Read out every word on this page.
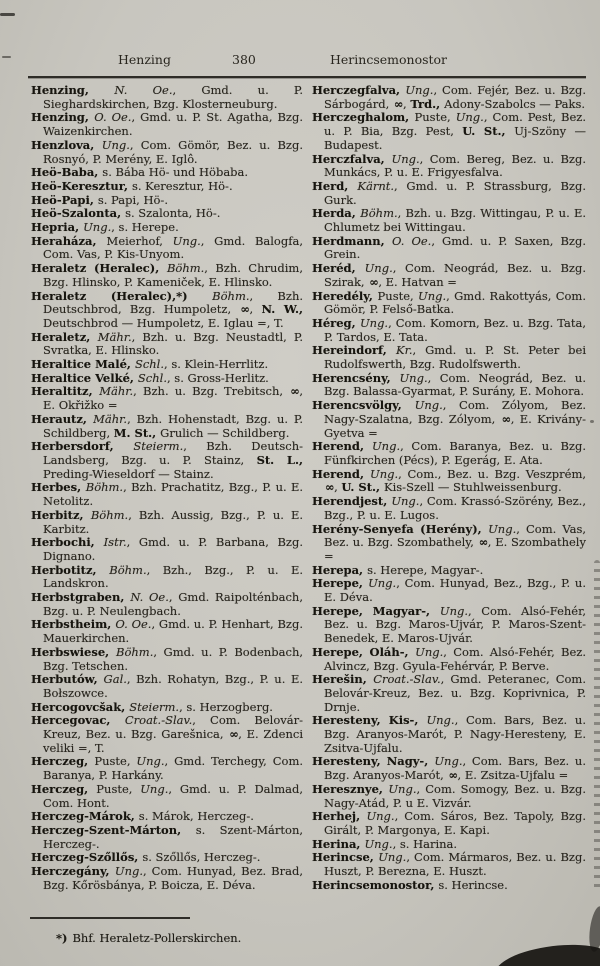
Henzing	380	Herincsemonostor

Henzing, N. Oe., Gmd. u. P. Sieghardskirchen, Bzg. Klosterneuburg.

Henzing, O. Oe., Gmd. u. P. St. Agatha, Bzg. Waizenkirchen.

Henzlova, Ung., Com. Gömör, Bez. u. Bzg. Rosnyó, P. Merény, E. Iglô.

Heö-Baba, s. Bába Hö- und Höbaba.

Heö-Keresztur, s. Keresztur, Hö-.

Heö-Papi, s. Papi, Hö-.

Heö-Szalonta, s. Szalonta, Hö-.

Hepria, Ung., s. Herepe.

Heraháza, Meierhof, Ung., Gmd. Balogfa, Com. Vas, P. Kis-Unyom.

Heraletz (Heralec), Böhm., Bzh. Chrudim, Bzg. Hlinsko, P. Kameniček, E. Hlinsko.

Heraletz (Heralec),*) Böhm., Bzh. Deutschbrod, Bzg. Humpoletz, ∞, N. W., Deutschbrod — Humpoletz, E. Iglau =, T.

Heraletz, Mähr., Bzh. u. Bzg. Neustadtl, P. Svratka, E. Hlinsko.

Heraltice Malé, Schl., s. Klein-Herrlitz.

Heraltice Velké, Schl., s. Gross-Herlitz.

Heraltitz, Mähr., Bzh. u. Bzg. Trebitsch, ∞, E. Okřižko =

Herautz, Mähr., Bzh. Hohenstadt, Bzg. u. P. Schildberg, M. St., Grulich — Schildberg.

Herbersdorf, Steierm., Bzh. Deutsch-Landsberg, Bzg. u. P. Stainz, St. L., Preding-Wieseldorf — Stainz.

Herbes, Böhm., Bzh. Prachatitz, Bzg., P. u. E. Netolitz.

Herbitz, Böhm., Bzh. Aussig, Bzg., P. u. E. Karbitz.

Herbochi, Istr., Gmd. u. P. Barbana, Bzg. Dignano.

Herbotitz, Böhm., Bzh., Bzg., P. u. E. Landskron.

Herbstgraben, N. Oe., Gmd. Raipolténbach, Bzg. u. P. Neulengbach.

Herbstheim, O. Oe., Gmd. u. P. Henhart, Bzg. Mauerkirchen.

Herbswiese, Böhm., Gmd. u. P. Bodenbach, Bzg. Tetschen.

Herbutów, Gal., Bzh. Rohatyn, Bzg., P. u. E. Bołszowce.

Hercogovcšak, Steierm., s. Herzogberg.

Hercegovac, Croat.-Slav., Com. Belovár-Kreuz, Bez. u. Bzg. Garešnica, ∞, E. Zdenci veliki =, T.

Herczeg, Puste, Ung., Gmd. Terchegy, Com. Baranya, P. Harkány.

Herczeg, Puste, Ung., Gmd. u. P. Dalmad, Com. Hont.

Herczeg-Márok, s. Márok, Herczeg-.

Herczeg-Szent-Márton, s. Szent-Márton, Herczeg-.

Herczeg-Szőllős, s. Szőllős, Herczeg-.

Herczegány, Ung., Com. Hunyad, Bez. Brad, Bzg. Kőrösbánya, P. Boicza, E. Déva.

Herczegfalva, Ung., Com. Fejér, Bez. u. Bzg. Sárbogárd, ∞, Trd., Adony-Szabolcs — Paks.

Herczeghalom, Puste, Ung., Com. Pest, Bez. u. P. Bia, Bzg. Pest, U. St., Uj-Szöny — Budapest.

Herczfalva, Ung., Com. Bereg, Bez. u. Bzg. Munkács, P. u. E. Frigyesfalva.

Herd, Kärnt., Gmd. u. P. Strassburg, Bzg. Gurk.

Herda, Böhm., Bzh. u. Bzg. Wittingau, P. u. E. Chlumetz bei Wittingau.

Herdmann, O. Oe., Gmd. u. P. Saxen, Bzg. Grein.

Heréd, Ung., Com. Neográd, Bez. u. Bzg. Szirak, ∞, E. Hatvan =

Heredély, Puste, Ung., Gmd. Rakottyás, Com. Gömör, P. Felső-Batka.

Héreg, Ung., Com. Komorn, Bez. u. Bzg. Tata, P. Tardos, E. Tata.

Hereindorf, Kr., Gmd. u. P. St. Peter bei Rudolfswerth, Bzg. Rudolfswerth.

Herencsény, Ung., Com. Neográd, Bez. u. Bzg. Balassa-Gyarmat, P. Surány, E. Mohora.

Herencsvölgy, Ung., Com. Zólyom, Bez. Nagy-Szalatna, Bzg. Zólyom, ∞, E. Krivány-Gyetva =

Herend, Ung., Com. Baranya, Bez. u. Bzg. Fünfkirchen (Pécs), P. Egerág, E. Ata.

Herend, Ung., Com., Bez. u. Bzg. Veszprém, ∞, U. St., Kis-Szell — Stuhlweissenburg.

Herendjest, Ung., Com. Krassó-Szörény, Bez., Bzg., P. u. E. Lugos.

Herény-Senyefa (Herény), Ung., Com. Vas, Bez. u. Bzg. Szombathely, ∞, E. Szombathely =

Herepa, s. Herepe, Magyar-.

Herepe, Ung., Com. Hunyad, Bez., Bzg., P. u. E. Déva.

Herepe, Magyar-, Ung., Com. Alsó-Fehér, Bez. u. Bzg. Maros-Ujvár, P. Maros-Szent-Benedek, E. Maros-Ujvár.

Herepe, Oláh-, Ung., Com. Alsó-Fehér, Bez. Alvincz, Bzg. Gyula-Fehérvár, P. Berve.

Herešin, Croat.-Slav., Gmd. Peteranec, Com. Belovár-Kreuz, Bez. u. Bzg. Koprivnica, P. Drnje.

Heresteny, Kis-, Ung., Com. Bars, Bez. u. Bzg. Aranyos-Marót, P. Nagy-Heresteny, E. Zsitva-Ujfalu.

Heresteny, Nagy-, Ung., Com. Bars, Bez. u. Bzg. Aranyos-Marót, ∞, E. Zsitza-Ujfalu =

Heresznye, Ung., Com. Somogy, Bez. u. Bzg. Nagy-Atád, P. u E. Vizvár.

Herhej, Ung., Com. Sáros, Bez. Tapoly, Bzg. Girált, P. Margonya, E. Kapi.

Herina, Ung., s. Harina.

Herincse, Ung., Com. Mármaros, Bez. u. Bzg. Huszt, P. Berezna, E. Huszt.

Herincsemonostor, s. Herincse.

*) Bhf. Heraletz-Pollerskirchen.
